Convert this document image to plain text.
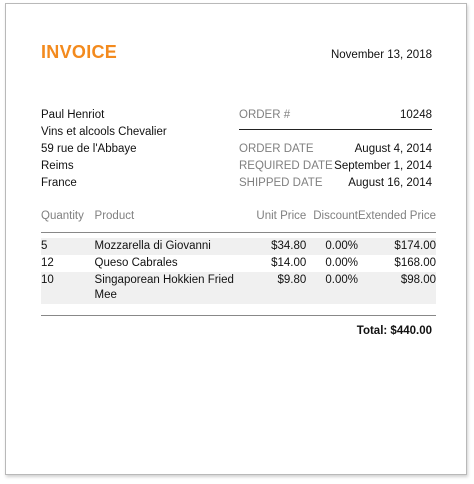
INVOICE	November 13, 2018
Paul Henriot
Vins et alcools Chevalier
59 rue de l'Abbaye
Reims
France
ORDER #	10248
ORDER DATE	August 4, 2014
REQUIRED DATE September 1, 2014
SHIPPED DATE August 16, 2014
Quantity	Product	Unit Price	Discount	Extended Price

5	Mozzarella di Giovanni	$34.80	0.00%	$174.00
12	Queso Cabrales	$14.00	0.00%	$168.00
10	Singaporean Hokkien Fried Mee	$9.80	0.00%	$98.00
Total: $440.00
